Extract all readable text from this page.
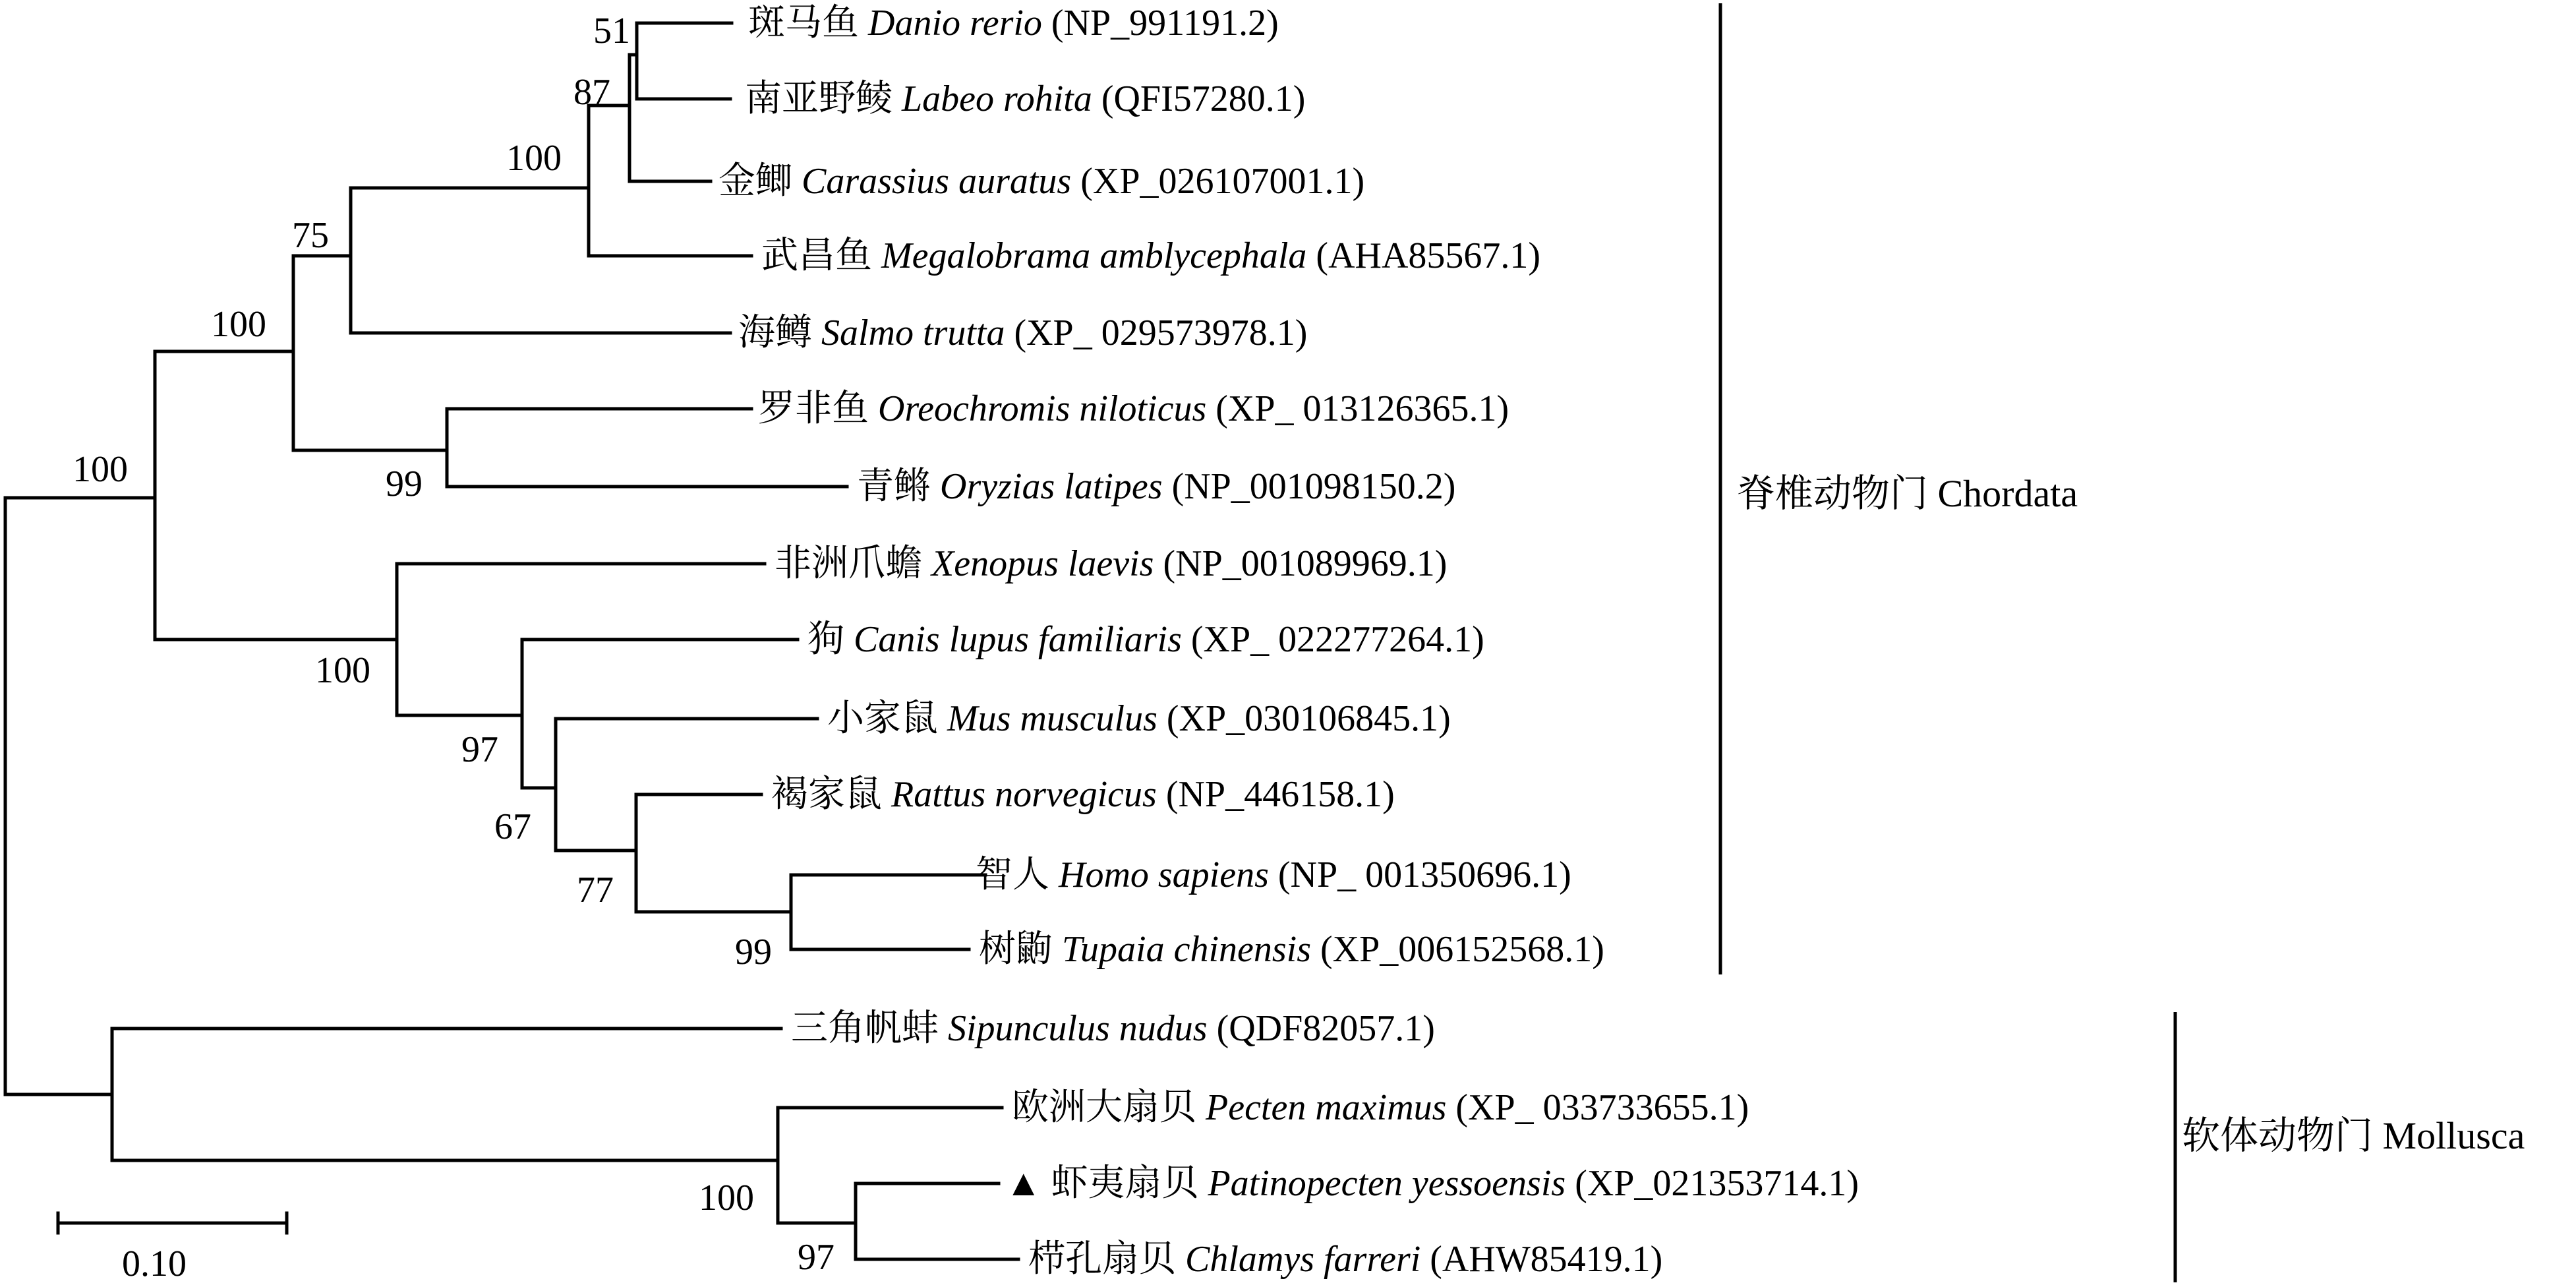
51
87
100
75
100
99
100
97
67
77
99
100
100
97
斑马鱼 Danio rerio (NP_991191.2)
南亚野鲮 Labeo rohita (QFI57280.1)
金鲫 Carassius auratus (XP_026107001.1)
武昌鱼 Megalobrama amblycephala (AHA85567.1)
海鳟 Salmo trutta (XP_ 029573978.1)
罗非鱼 Oreochromis niloticus (XP_ 013126365.1)
青鳉 Oryzias latipes (NP_001098150.2)
非洲爪蟾 Xenopus laevis (NP_001089969.1)
狗 Canis lupus familiaris (XP_ 022277264.1)
小家鼠 Mus musculus (XP_030106845.1)
褐家鼠 Rattus norvegicus (NP_446158.1)
智人 Homo sapiens (NP_ 001350696.1)
树鼩 Tupaia chinensis (XP_006152568.1)
三角帆蚌 Sipunculus nudus (QDF82057.1)
欧洲大扇贝 Pecten maximus (XP_ 033733655.1)
▲ 虾夷扇贝 Patinopecten yessoensis (XP_021353714.1)
栉孔扇贝 Chlamys farreri (AHW85419.1)
脊椎动物门 Chordata
软体动物门 Mollusca
0.10
